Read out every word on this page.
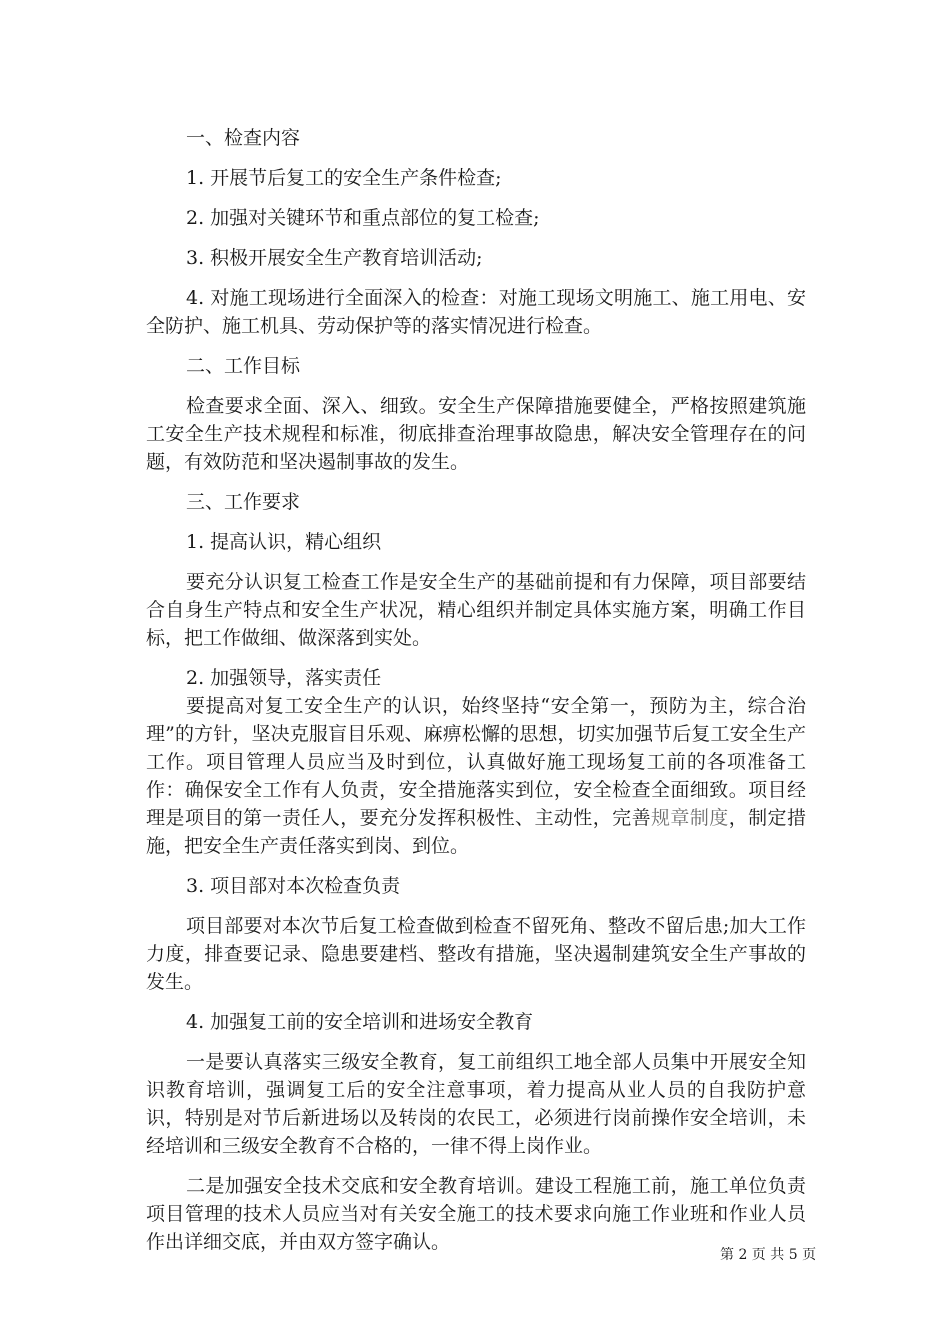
一、检查内容

1. 开展节后复工的安全生产条件检查;

2. 加强对关键环节和重点部位的复工检查;

3. 积极开展安全生产教育培训活动;

4. 对施工现场进行全面深入的检查：对施工现场文明施工、施工用电、安全防护、施工机具、劳动保护等的落实情况进行检查。

二、工作目标

检查要求全面、深入、细致。安全生产保障措施要健全，严格按照建筑施工安全生产技术规程和标准，彻底排查治理事故隐患，解决安全管理存在的问题，有效防范和坚决遏制事故的发生。

三、工作要求

1. 提高认识，精心组织

要充分认识复工检查工作是安全生产的基础前提和有力保障，项目部要结合自身生产特点和安全生产状况，精心组织并制定具体实施方案，明确工作目标，把工作做细、做深落到实处。

2. 加强领导，落实责任

要提高对复工安全生产的认识，始终坚持“安全第一，预防为主，综合治理”的方针，坚决克服盲目乐观、麻痹松懈的思想，切实加强节后复工安全生产工作。项目管理人员应当及时到位，认真做好施工现场复工前的各项准备工作：确保安全工作有人负责，安全措施落实到位，安全检查全面细致。项目经理是项目的第一责任人，要充分发挥积极性、主动性，完善规章制度，制定措施，把安全生产责任落实到岗、到位。

3. 项目部对本次检查负责

项目部要对本次节后复工检查做到检查不留死角、整改不留后患;加大工作力度，排查要记录、隐患要建档、整改有措施，坚决遏制建筑安全生产事故的发生。

4. 加强复工前的安全培训和进场安全教育

一是要认真落实三级安全教育，复工前组织工地全部人员集中开展安全知识教育培训，强调复工后的安全注意事项，着力提高从业人员的自我防护意识，特别是对节后新进场以及转岗的农民工，必须进行岗前操作安全培训，未经培训和三级安全教育不合格的，一律不得上岗作业。

二是加强安全技术交底和安全教育培训。建设工程施工前，施工单位负责项目管理的技术人员应当对有关安全施工的技术要求向施工作业班和作业人员作出详细交底，并由双方签字确认。

第 2 页 共 5 页
